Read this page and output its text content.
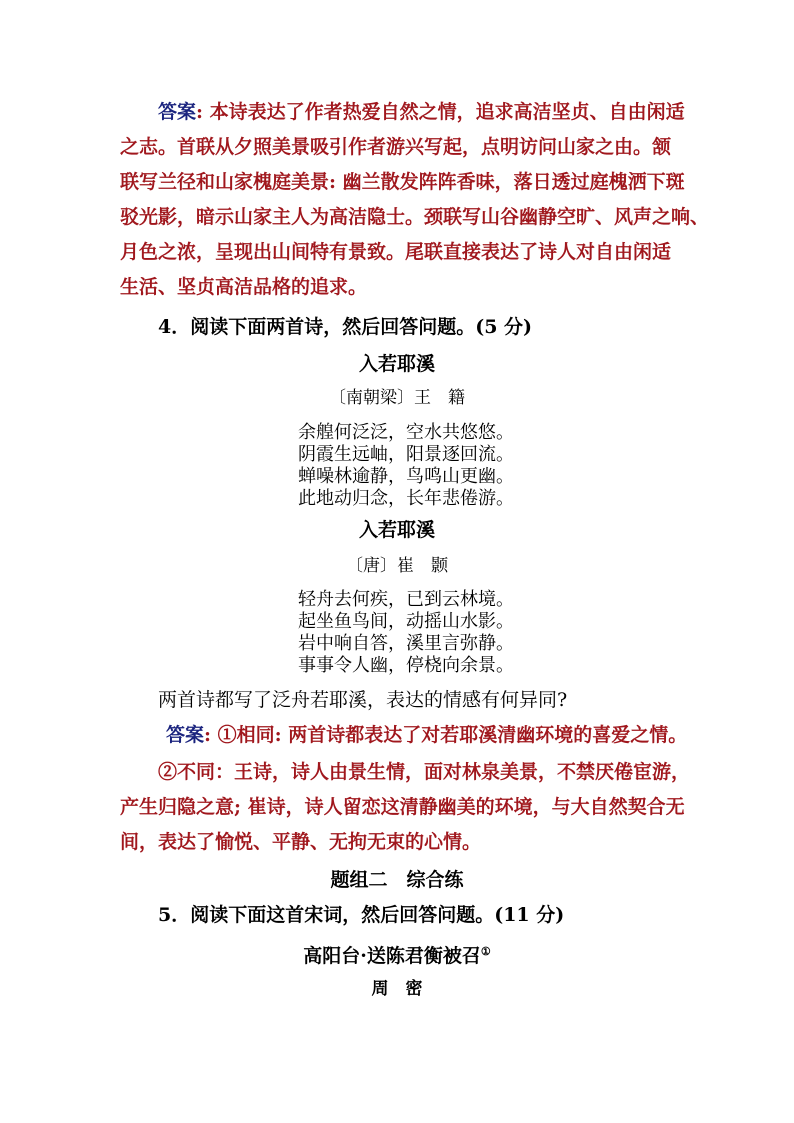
答案: 本诗表达了作者热爱自然之情，追求高洁坚贞、自由闲适
之志。首联从夕照美景吸引作者游兴写起，点明访问山家之由。颔
联写兰径和山家槐庭美景: 幽兰散发阵阵香味，落日透过庭槐洒下斑
驳光影，暗示山家主人为高洁隐士。颈联写山谷幽静空旷、风声之响、
月色之浓，呈现出山间特有景致。尾联直接表达了诗人对自由闲适
生活、坚贞高洁品格的追求。
4．阅读下面两首诗，然后回答问题。(5 分)
入若耶溪
〔南朝梁〕王　籍
余艎何泛泛，空水共悠悠。
阴霞生远岫，阳景逐回流。
蝉噪林逾静，鸟鸣山更幽。
此地动归念，长年悲倦游。
入若耶溪
〔唐〕崔　颢
轻舟去何疾，已到云林境。
起坐鱼鸟间，动摇山水影。
岩中响自答，溪里言弥静。
事事令人幽，停桡向余景。
两首诗都写了泛舟若耶溪，表达的情感有何异同?
答案: ①相同: 两首诗都表达了对若耶溪清幽环境的喜爱之情。
②不同：王诗，诗人由景生情，面对林泉美景，不禁厌倦宦游，
产生归隐之意; 崔诗，诗人留恋这清静幽美的环境，与大自然契合无
间，表达了愉悦、平静、无拘无束的心情。
题组二　综合练
5．阅读下面这首宋词，然后回答问题。(11 分)
高阳台·送陈君衡被召①
周　密
